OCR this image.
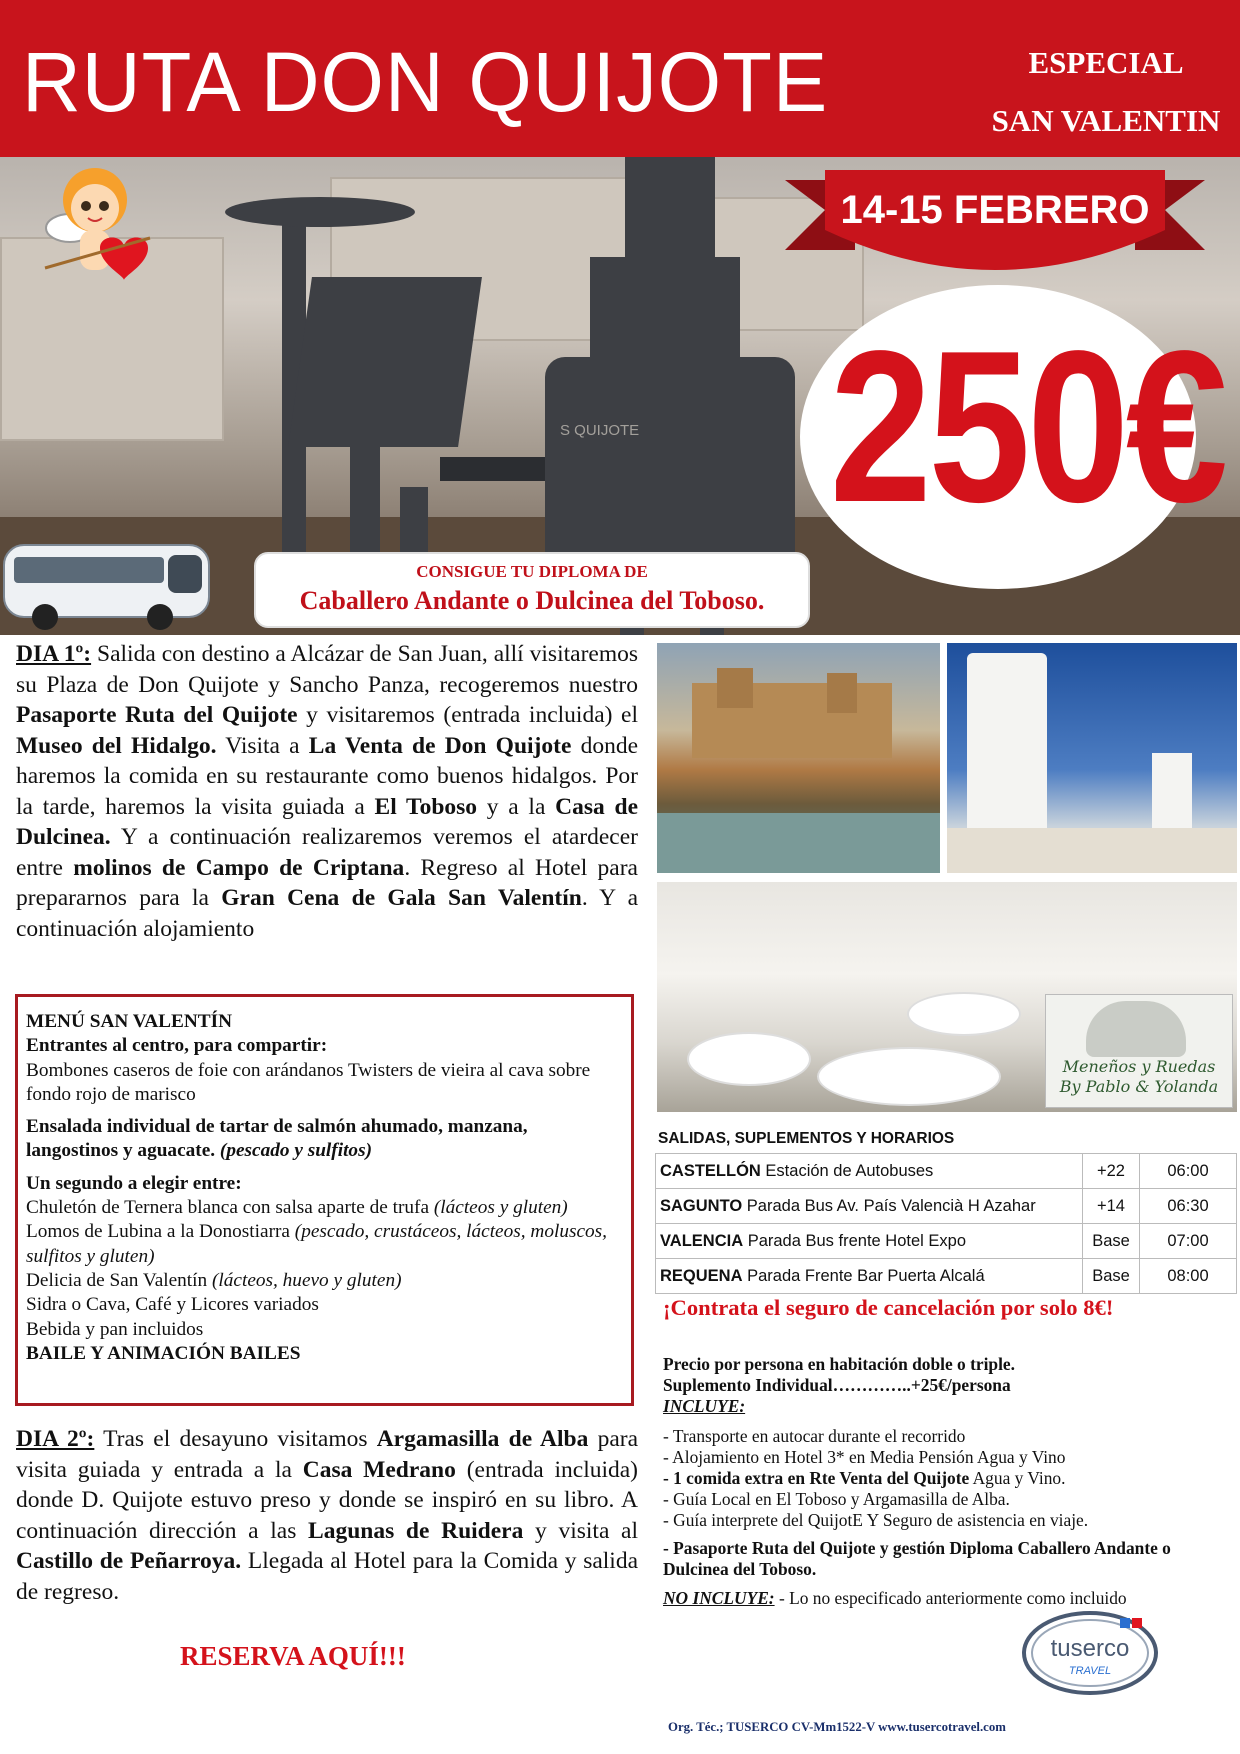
RUTA DON QUIJOTE	ESPECIAL
SAN VALENTIN
S QUIJOTE
14-15 FEBRERO
250€
CONSIGUE TU DIPLOMA DE
Caballero Andante o Dulcinea del Toboso.
DIA 1º: Salida con destino a Alcázar de San Juan, allí visitaremos su Plaza de Don Quijote y Sancho Panza, recogeremos nuestro Pasaporte Ruta del Quijote y visitaremos (entrada incluida) el Museo del Hidalgo. Visita a La Venta de Don Quijote donde haremos la comida en su restaurante como buenos hidalgos. Por la tarde, haremos la visita guiada a El Toboso y a la Casa de Dulcinea. Y a continuación realizaremos veremos el atardecer entre molinos de Campo de Criptana. Regreso al Hotel para prepararnos para la Gran Cena de Gala San Valentín. Y a continuación alojamiento

MENÚ SAN VALENTÍN

Entrantes al centro, para compartir:

Bombones caseros de foie con arándanos Twisters de vieira al cava sobre fondo rojo de marisco

Ensalada individual de tartar de salmón ahumado, manzana, langostinos y aguacate. (pescado y sulfitos)

Un segundo a elegir entre:

Chuletón de Ternera blanca con salsa aparte de trufa (lácteos y gluten)

Lomos de Lubina a la Donostiarra (pescado, crustáceos, lácteos, moluscos, sulfitos y gluten)

Delicia de San Valentín (lácteos, huevo y gluten)

Sidra o Cava, Café y Licores variados

Bebida y pan incluidos

BAILE Y ANIMACIÓN BAILES

DIA 2º: Tras el desayuno visitamos Argamasilla de Alba para visita guiada y entrada a la Casa Medrano (entrada incluida) donde D. Quijote estuvo preso y donde se inspiró en su libro. A continuación dirección a las Lagunas de Ruidera y visita al Castillo de Peñarroya. Llegada al Hotel para la Comida y salida de regreso.
RESERVA AQUÍ!!!
Meneños y Ruedas
By Pablo & Yolanda
SALIDAS, SUPLEMENTOS Y HORARIOS
CASTELLÓN Estación de Autobuses	+22	06:00
SAGUNTO Parada Bus Av. País Valencià H Azahar	+14	06:30
VALENCIA Parada Bus frente Hotel Expo	Base	07:00
REQUENA Parada Frente Bar Puerta Alcalá	Base	08:00
¡Contrata el seguro de cancelación por solo 8€!

Precio por persona en habitación doble o triple.

Suplemento Individual…………..+25€/persona

INCLUYE:

- Transporte en autocar durante el recorrido

- Alojamiento en Hotel 3* en Media Pensión Agua y Vino

- 1 comida extra en Rte Venta del Quijote Agua y Vino.

- Guía Local en El Toboso y Argamasilla de Alba.

- Guía interprete del QuijotE Y Seguro de asistencia en viaje.

- Pasaporte Ruta del Quijote y gestión Diploma Caballero Andante o Dulcinea del Toboso.

NO INCLUYE: - Lo no especificado anteriormente como incluido

tuserco
TRAVEL
Org. Téc.; TUSERCO CV-Mm1522-V www.tusercotravel.com
